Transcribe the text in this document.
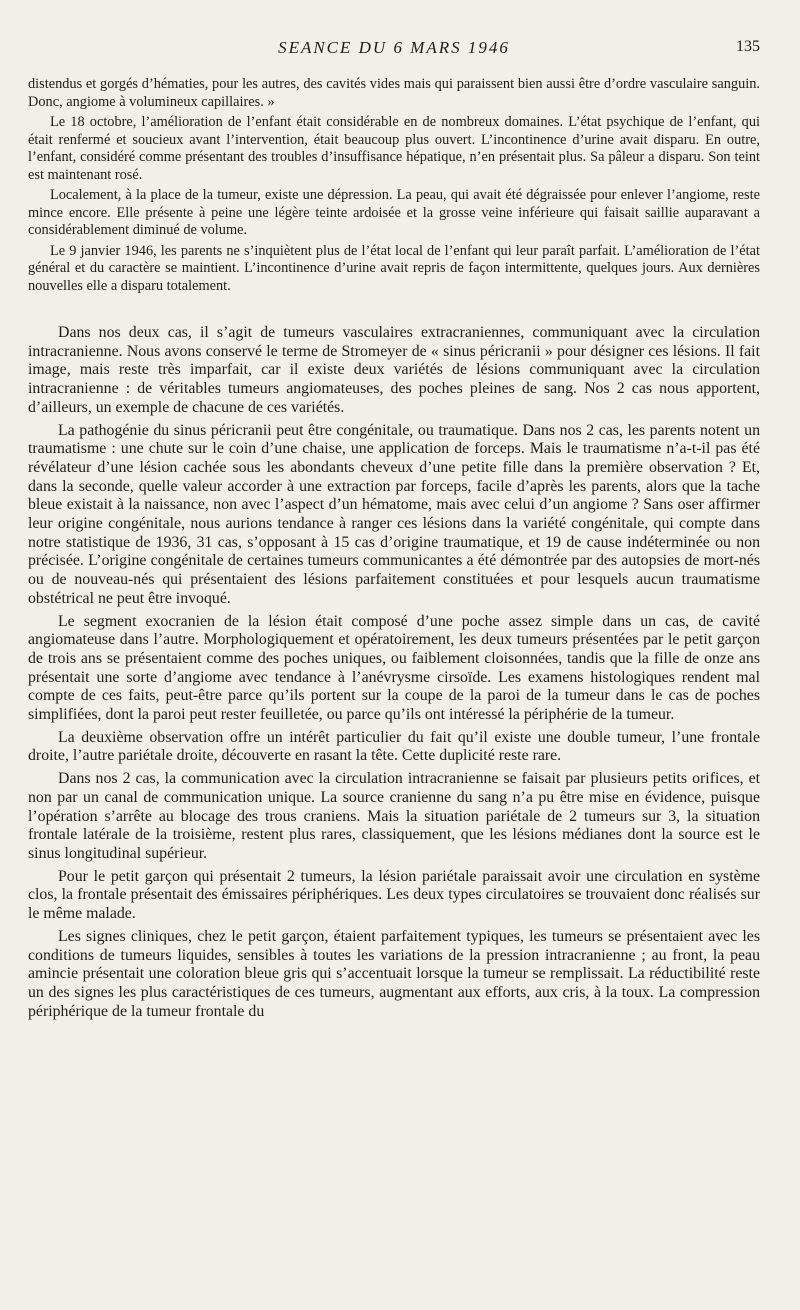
SEANCE DU 6 MARS 1946	135

distendus et gorgés d’hématies, pour les autres, des cavités vides mais qui paraissent bien aussi être d’ordre vasculaire sanguin. Donc, angiome à volumineux capillaires. »

Le 18 octobre, l’amélioration de l’enfant était considérable en de nombreux domaines. L’état psychique de l’enfant, qui était renfermé et soucieux avant l’intervention, était beaucoup plus ouvert. L’incontinence d’urine avait disparu. En outre, l’enfant, considéré comme présentant des troubles d’insuffisance hépatique, n’en présentait plus. Sa pâleur a disparu. Son teint est maintenant rosé.

Localement, à la place de la tumeur, existe une dépression. La peau, qui avait été dégraissée pour enlever l’angiome, reste mince encore. Elle présente à peine une légère teinte ardoisée et la grosse veine inférieure qui faisait saillie auparavant a considérablement diminué de volume.

Le 9 janvier 1946, les parents ne s’inquiètent plus de l’état local de l’enfant qui leur paraît parfait. L’amélioration de l’état général et du caractère se maintient. L’incontinence d’urine avait repris de façon intermittente, quelques jours. Aux dernières nouvelles elle a disparu totalement.

Dans nos deux cas, il s’agit de tumeurs vasculaires extracraniennes, communiquant avec la circulation intracranienne. Nous avons conservé le terme de Stromeyer de « sinus péricranii » pour désigner ces lésions. Il fait image, mais reste très imparfait, car il existe deux variétés de lésions communiquant avec la circulation intracranienne : de véritables tumeurs angiomateuses, des poches pleines de sang. Nos 2 cas nous apportent, d’ailleurs, un exemple de chacune de ces variétés.

La pathogénie du sinus péricranii peut être congénitale, ou traumatique. Dans nos 2 cas, les parents notent un traumatisme : une chute sur le coin d’une chaise, une application de forceps. Mais le traumatisme n’a-t-il pas été révélateur d’une lésion cachée sous les abondants cheveux d’une petite fille dans la première observation ? Et, dans la seconde, quelle valeur accorder à une extraction par forceps, facile d’après les parents, alors que la tache bleue existait à la naissance, non avec l’aspect d’un hématome, mais avec celui d’un angiome ? Sans oser affirmer leur origine congénitale, nous aurions tendance à ranger ces lésions dans la variété congénitale, qui compte dans notre statistique de 1936, 31 cas, s’opposant à 15 cas d’origine traumatique, et 19 de cause indéterminée ou non précisée. L’origine congénitale de certaines tumeurs communicantes a été démontrée par des autopsies de mort-nés ou de nouveau-nés qui présentaient des lésions parfaitement constituées et pour lesquels aucun traumatisme obstétrical ne peut être invoqué.

Le segment exocranien de la lésion était composé d’une poche assez simple dans un cas, de cavité angiomateuse dans l’autre. Morphologiquement et opératoirement, les deux tumeurs présentées par le petit garçon de trois ans se présentaient comme des poches uniques, ou faiblement cloisonnées, tandis que la fille de onze ans présentait une sorte d’angiome avec tendance à l’anévrysme cirsoïde. Les examens histologiques rendent mal compte de ces faits, peut-être parce qu’ils portent sur la coupe de la paroi de la tumeur dans le cas de poches simplifiées, dont la paroi peut rester feuilletée, ou parce qu’ils ont intéressé la périphérie de la tumeur.

La deuxième observation offre un intérêt particulier du fait qu’il existe une double tumeur, l’une frontale droite, l’autre pariétale droite, découverte en rasant la tête. Cette duplicité reste rare.

Dans nos 2 cas, la communication avec la circulation intracranienne se faisait par plusieurs petits orifices, et non par un canal de communication unique. La source cranienne du sang n’a pu être mise en évidence, puisque l’opération s’arrête au blocage des trous craniens. Mais la situation pariétale de 2 tumeurs sur 3, la situation frontale latérale de la troisième, restent plus rares, classiquement, que les lésions médianes dont la source est le sinus longitudinal supérieur.

Pour le petit garçon qui présentait 2 tumeurs, la lésion pariétale paraissait avoir une circulation en système clos, la frontale présentait des émissaires périphériques. Les deux types circulatoires se trouvaient donc réalisés sur le même malade.

Les signes cliniques, chez le petit garçon, étaient parfaitement typiques, les tumeurs se présentaient avec les conditions de tumeurs liquides, sensibles à toutes les variations de la pression intracranienne ; au front, la peau amincie présentait une coloration bleue gris qui s’accentuait lorsque la tumeur se remplissait. La réductibilité reste un des signes les plus caractéristiques de ces tumeurs, augmentant aux efforts, aux cris, à la toux. La compression périphérique de la tumeur frontale du
